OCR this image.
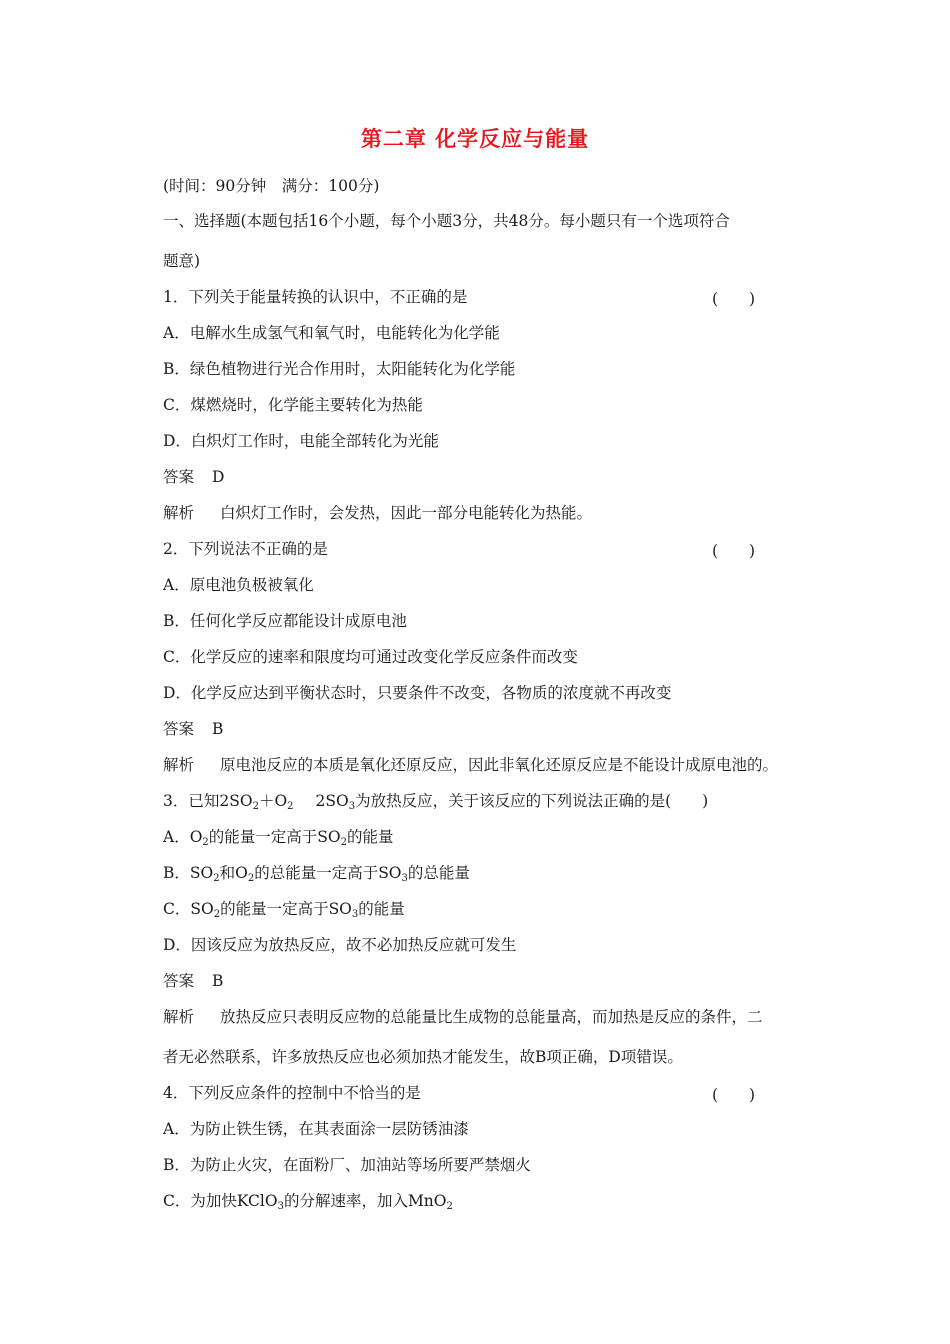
第二章 化学反应与能量
(时间：90分钟　满分：100分)
一、选择题(本题包括16个小题，每个小题3分，共48分。每小题只有一个选项符合
题意)
1．下列关于能量转换的认识中，不正确的是	(　　)
A．电解水生成氢气和氧气时，电能转化为化学能
B．绿色植物进行光合作用时，太阳能转化为化学能
C．煤燃烧时，化学能主要转化为热能
D．白炽灯工作时，电能全部转化为光能
答案 D
解析 白炽灯工作时，会发热，因此一部分电能转化为热能。
2．下列说法不正确的是	(　　)
A．原电池负极被氧化
B．任何化学反应都能设计成原电池
C．化学反应的速率和限度均可通过改变化学反应条件而改变
D．化学反应达到平衡状态时，只要条件不改变，各物质的浓度就不再改变
答案 B
解析 原电池反应的本质是氧化还原反应，因此非氧化还原反应是不能设计成原电池的。
3．已知$2SO_2+O_2$ $2SO_3$为放热反应，关于该反应的下列说法正确的是(　　)
A．$O_2$的能量一定高于$SO_2$的能量
B．$SO_2$和$O_2$的总能量一定高于$SO_3$的总能量
C．$SO_2$的能量一定高于$SO_3$的能量
D．因该反应为放热反应，故不必加热反应就可发生
答案 B
解析 放热反应只表明反应物的总能量比生成物的总能量高，而加热是反应的条件，二
者无必然联系，许多放热反应也必须加热才能发生，故B项正确，D项错误。
4．下列反应条件的控制中不恰当的是	(　　)
A．为防止铁生锈，在其表面涂一层防锈油漆
B．为防止火灾，在面粉厂、加油站等场所要严禁烟火
C．为加快KClO$_3$的分解速率，加入MnO$_2$
